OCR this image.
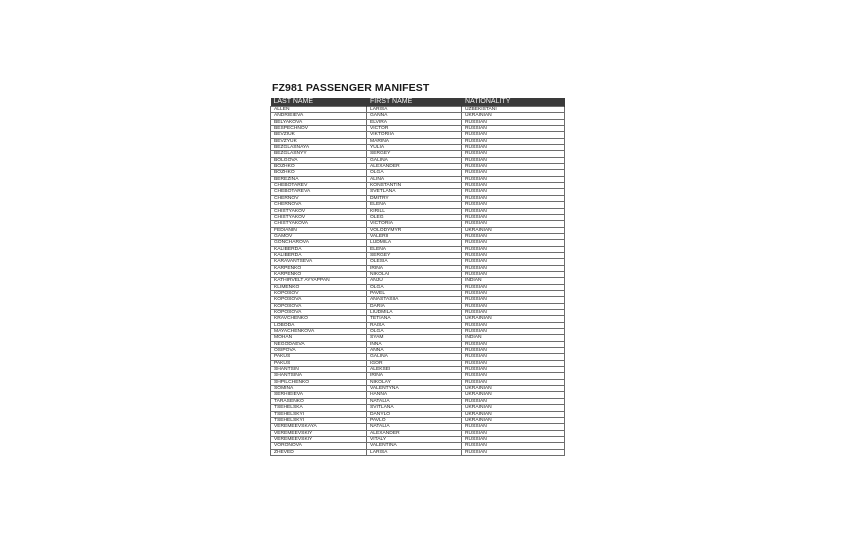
FZ981 PASSENGER MANIFEST
LAST NAME	FIRST NAME	NATIONALITY
ALLEN	LARISA	UZBEKISTANI
ANDRIEIEVA	GANNA	UKRAINIAN
BELYAKOVA	ELVIRA	RUSSIAN
BESPECHNOV	VICTOR	RUSSIAN
BEVZIUK	VIKTORIIA	RUSSIAN
BEVZYUK	MARINA	RUSSIAN
BEZGLASNAYA	YULIA	RUSSIAN
BEZGLASNYY	SERGEY	RUSSIAN
BOLGOVA	GALINA	RUSSIAN
BOZHKO	ALEXANDER	RUSSIAN
BOZHKO	OLGA	RUSSIAN
BEREZINA	ALINA	RUSSIAN
CHEBOTAREV	KONSTANTIN	RUSSIAN
CHEBOTAREVA	SVETLANA	RUSSIAN
CHERNOV	DMITRY	RUSSIAN
CHERNOVA	ELENA	RUSSIAN
CHISTYAKOV	KIRILL	RUSSIAN
CHISTYAKOV	OLEG	RUSSIAN
CHISTYAKOVA	VICTORIA	RUSSIAN
FEDIANIN	VOLODYMYR	UKRAINIAN
GAMOV	VALERII	RUSSIAN
GONCHAROVA	LUDMILA	RUSSIAN
KALIBERDA	ELENA	RUSSIAN
KALIBERDA	SERGEY	RUSSIAN
KARAVANTSEVA	OLESIA	RUSSIAN
KARPENKO	IRINA	RUSSIAN
KARPENKO	NIKOLAI	RUSSIAN
KATHIRVELT AYYAPPAN	ANJU	INDIAN
KLIMENKO	OLGA	RUSSIAN
KOPOSOV	PAVEL	RUSSIAN
KOPOSOVA	ANASTASIIA	RUSSIAN
KOPOSOVA	DARIA	RUSSIAN
KOPOSOVA	LIUDMILA	RUSSIAN
KRAVCHENKO	TETIANA	UKRAINIAN
LOBODA	RAISA	RUSSIAN
MAYACHENKOVA	OLGA	RUSSIAN
MOHAN	SYAM	INDIAN
NEGODAEVA	INNA	RUSSIAN
OSIPOVA	ANNA	RUSSIAN
PAKUS	GALINA	RUSSIAN
PAKUS	IGOR	RUSSIAN
SHANTSIN	ALEKSEI	RUSSIAN
SHANTSINA	IRINA	RUSSIAN
SHPILCHENKO	NIKOLAY	RUSSIAN
SOMINA	VALENTYNA	UKRAINIAN
SERHIEIEVA	HANNA	UKRAINIAN
TARASENKO	NATALIA	RUSSIAN
TSEHELSKA	SVITLANA	UKRAINIAN
TSEHELSKYI	DANYLO	UKRAINIAN
TSEHELSKYI	PAVLO	UKRAINIAN
VEREMEEVSKAYA	NATALIA	RUSSIAN
VEREMEEVSKIY	ALEXANDER	RUSSIAN
VEREMEEVSKIY	VITALY	RUSSIAN
VORONOVA	VALENTINA	RUSSIAN
ZHEVED	LARISA	RUSSIAN
